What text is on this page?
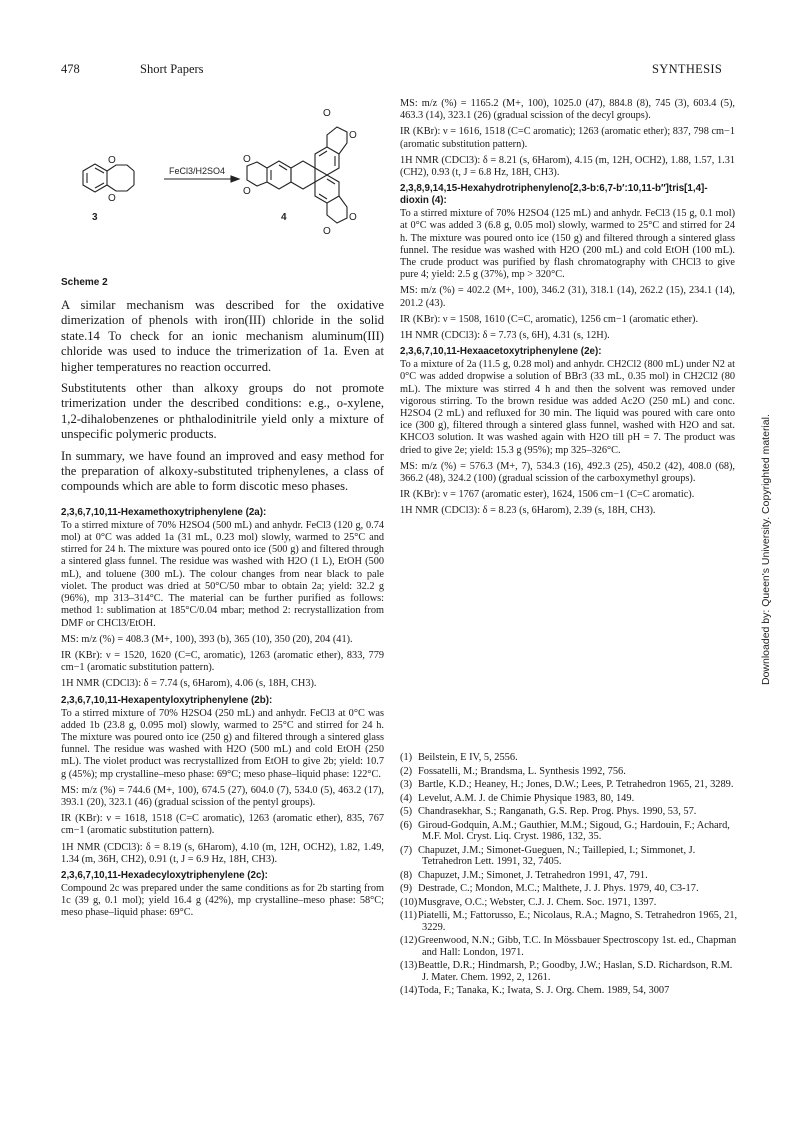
478	Short Papers	SYNTHESIS
O
O
FeCl3/H2SO4
3
O
O
O
O
O
O
4
Scheme 2

A similar mechanism was described for the oxidative dimerization of phenols with iron(III) chloride in the solid state.14 To check for an ionic mechanism aluminum(III) chloride was used to induce the trimerization of 1a. Even at higher temperatures no reaction occurred.

Substitutents other than alkoxy groups do not promote trimerization under the described conditions: e.g., o-xylene, 1,2-dihalobenzenes or phthalodinitrile yield only a mixture of unspecific polymeric products.

In summary, we have found an improved and easy method for the preparation of alkoxy-substituted triphenylenes, a class of compounds which are able to form discotic meso phases.

2,3,6,7,10,11-Hexamethoxytriphenylene (2a):

To a stirred mixture of 70% H2SO4 (500 mL) and anhydr. FeCl3 (120 g, 0.74 mol) at 0°C was added 1a (31 mL, 0.23 mol) slowly, warmed to 25°C and stirred for 24 h. The mixture was poured onto ice (500 g) and filtered through a sintered glass funnel. The residue was washed with H2O (1 L), EtOH (500 mL), and toluene (300 mL). The colour changes from near black to pale violet. The product was dried at 50°C/50 mbar to obtain 2a; yield: 32.2 g (96%), mp 313–314°C. The material can be further purified as follows: method 1: sublimation at 185°C/0.04 mbar; method 2: recrystallization from DMF or CHCl3/EtOH.

MS: m/z (%) = 408.3 (M+, 100), 393 (b), 365 (10), 350 (20), 204 (41).

IR (KBr): ν = 1520, 1620 (C=C, aromatic), 1263 (aromatic ether), 833, 779 cm−1 (aromatic substitution pattern).

1H NMR (CDCl3): δ = 7.74 (s, 6Harom), 4.06 (s, 18H, CH3).

2,3,6,7,10,11-Hexapentyloxytriphenylene (2b):

To a stirred mixture of 70% H2SO4 (250 mL) and anhydr. FeCl3 at 0°C was added 1b (23.8 g, 0.095 mol) slowly, warmed to 25°C and stirred for 24 h. The mixture was poured onto ice (250 g) and filtered through a sintered glass funnel. The residue was washed with H2O (500 mL) and cold EtOH (250 mL). The violet product was recrystallized from EtOH to give 2b; yield: 10.7 g (45%); mp crystalline–meso phase: 69°C; meso phase–liquid phase: 122°C.

MS: m/z (%) = 744.6 (M+, 100), 674.5 (27), 604.0 (7), 534.0 (5), 463.2 (17), 393.1 (20), 323.1 (46) (gradual scission of the pentyl groups).

IR (KBr): ν = 1618, 1518 (C=C aromatic), 1263 (aromatic ether), 835, 767 cm−1 (aromatic substitution pattern).

1H NMR (CDCl3): δ = 8.19 (s, 6Harom), 4.10 (m, 12H, OCH2), 1.82, 1.49, 1.34 (m, 36H, CH2), 0.91 (t, J = 6.9 Hz, 18H, CH3).

2,3,6,7,10,11-Hexadecyloxytriphenylene (2c):

Compound 2c was prepared under the same conditions as for 2b starting from 1c (39 g, 0.1 mol); yield 16.4 g (42%), mp crystalline–meso phase: 58°C; meso phase–liquid phase: 69°C.

MS: m/z (%) = 1165.2 (M+, 100), 1025.0 (47), 884.8 (8), 745 (3), 603.4 (5), 463.3 (14), 323.1 (26) (gradual scission of the decyl groups).

IR (KBr): ν = 1616, 1518 (C=C aromatic); 1263 (aromatic ether); 837, 798 cm−1 (aromatic substitution pattern).

1H NMR (CDCl3): δ = 8.21 (s, 6Harom), 4.15 (m, 12H, OCH2), 1.88, 1.57, 1.31 (CH2), 0.93 (t, J = 6.8 Hz, 18H, CH3).

2,3,8,9,14,15-Hexahydrotriphenyleno[2,3-b:6,7-b′:10,11-b″]tris[1,4]-dioxin (4):

To a stirred mixture of 70% H2SO4 (125 mL) and anhydr. FeCl3 (15 g, 0.1 mol) at 0°C was added 3 (6.8 g, 0.05 mol) slowly, warmed to 25°C and stirred for 24 h. The mixture was poured onto ice (150 g) and filtered through a sintered glass funnel. The residue was washed with H2O (200 mL) and cold EtOH (100 mL). The crude product was purified by flash chromatography with CHCl3 to give pure 4; yield: 2.5 g (37%), mp > 320°C.

MS: m/z (%) = 402.2 (M+, 100), 346.2 (31), 318.1 (14), 262.2 (15), 234.1 (14), 201.2 (43).

IR (KBr): ν = 1508, 1610 (C=C, aromatic), 1256 cm−1 (aromatic ether).

1H NMR (CDCl3): δ = 7.73 (s, 6H), 4.31 (s, 12H).

2,3,6,7,10,11-Hexaacetoxytriphenylene (2e):

To a mixture of 2a (11.5 g, 0.28 mol) and anhydr. CH2Cl2 (800 mL) under N2 at 0°C was added dropwise a solution of BBr3 (33 mL, 0.35 mol) in CH2Cl2 (80 mL). The mixture was stirred 4 h and then the solvent was removed under vigorous stirring. To the brown residue was added Ac2O (250 mL) and conc. H2SO4 (2 mL) and refluxed for 30 min. The liquid was poured with care onto ice (300 g), filtered through a sintered glass funnel, washed with H2O and sat. KHCO3 solution. It was washed again with H2O till pH = 7. The product was dried to give 2e; yield: 15.3 g (95%); mp 325–326°C.

MS: m/z (%) = 576.3 (M+, 7), 534.3 (16), 492.3 (25), 450.2 (42), 408.0 (68), 366.2 (48), 324.2 (100) (gradual scission of the carboxymethyl groups).

IR (KBr): ν = 1767 (aromatic ester), 1624, 1506 cm−1 (C=C aromatic).

1H NMR (CDCl3): δ = 8.23 (s, 6Harom), 2.39 (s, 18H, CH3).

(1) Beilstein, E IV, 5, 2556.
(2) Fossatelli, M.; Brandsma, L. Synthesis 1992, 756.
(3) Bartle, K.D.; Heaney, H.; Jones, D.W.; Lees, P. Tetrahedron 1965, 21, 3289.
(4) Levelut, A.M. J. de Chimie Physique 1983, 80, 149.
(5) Chandrasekhar, S.; Ranganath, G.S. Rep. Prog. Phys. 1990, 53, 57.
(6) Giroud-Godquin, A.M.; Gauthier, M.M.; Sigoud, G.; Hardouin, F.; Achard, M.F. Mol. Cryst. Liq. Cryst. 1986, 132, 35.
(7) Chapuzet, J.M.; Simonet-Gueguen, N.; Taillepied, I.; Simmonet, J. Tetrahedron Lett. 1991, 32, 7405.
(8) Chapuzet, J.M.; Simonet, J. Tetrahedron 1991, 47, 791.
(9) Destrade, C.; Mondon, M.C.; Malthete, J. J. Phys. 1979, 40, C3-17.
(10) Musgrave, O.C.; Webster, C.J. J. Chem. Soc. 1971, 1397.
(11) Piatelli, M.; Fattorusso, E.; Nicolaus, R.A.; Magno, S. Tetrahedron 1965, 21, 3229.
(12) Greenwood, N.N.; Gibb, T.C. In Mössbauer Spectroscopy 1st. ed., Chapman and Hall: London, 1971.
(13) Beattle, D.R.; Hindmarsh, P.; Goodby, J.W.; Haslan, S.D. Richardson, R.M. J. Mater. Chem. 1992, 2, 1261.
(14) Toda, F.; Tanaka, K.; Iwata, S. J. Org. Chem. 1989, 54, 3007
Downloaded by: Queen's University. Copyrighted material.
